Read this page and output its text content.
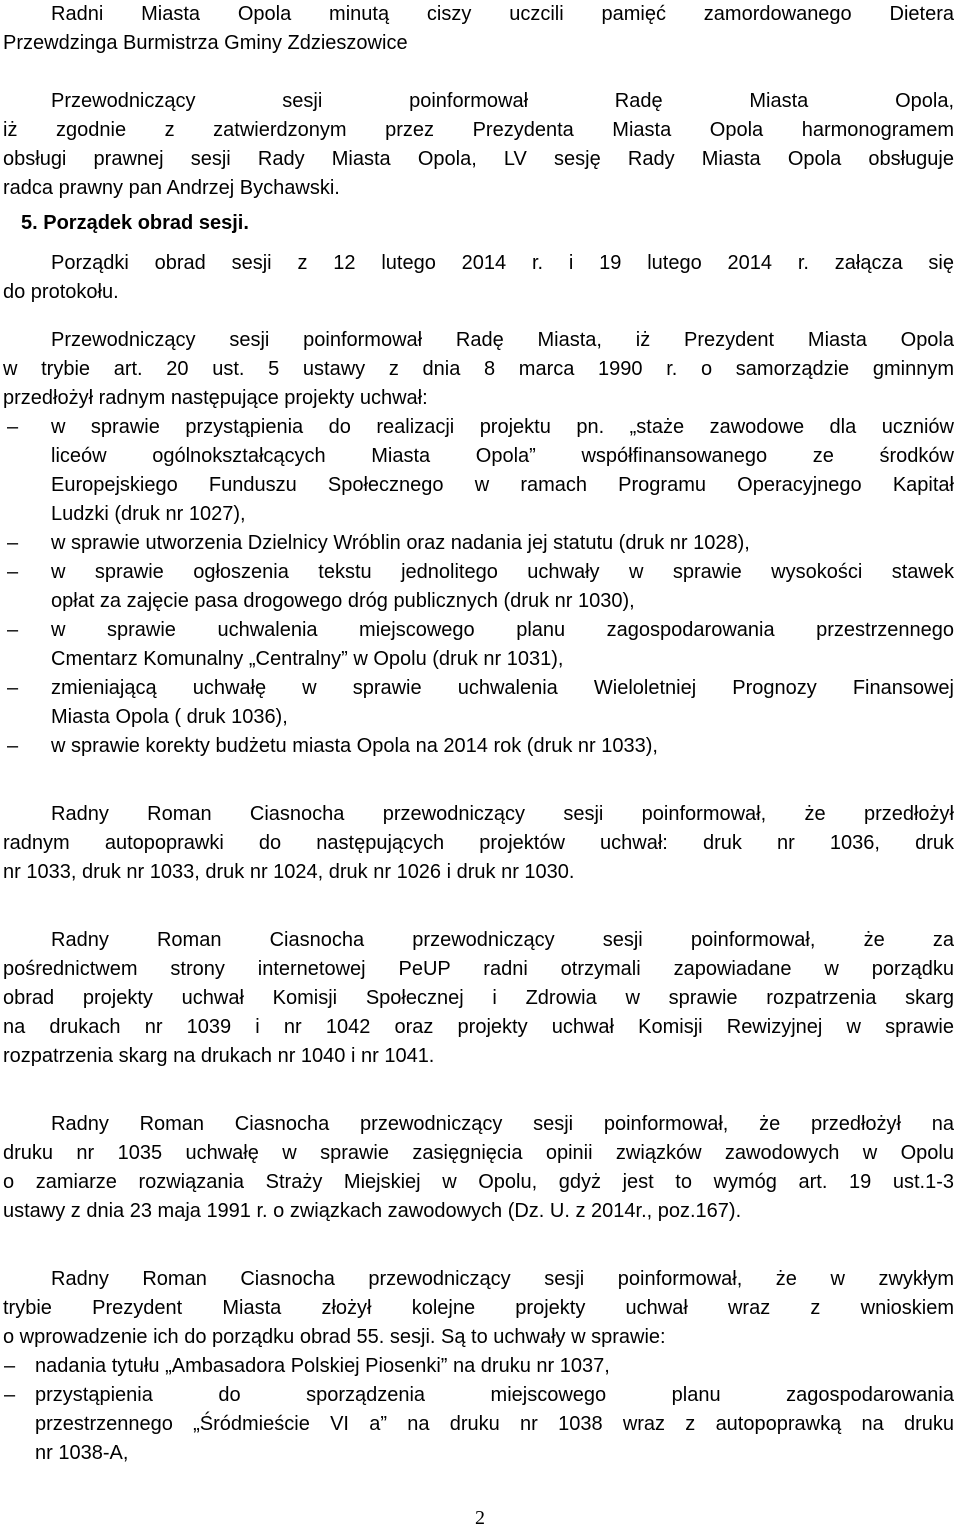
Radni Miasta Opola minutą ciszy uczcili pamięć zamordowanego Dietera

Przewdzinga Burmistrza Gminy Zdzieszowice

Przewodniczący sesji poinformował Radę Miasta Opola,

iż zgodnie z zatwierdzonym przez Prezydenta Miasta Opola harmonogramem

obsługi prawnej sesji Rady Miasta Opola, LV sesję Rady Miasta Opola obsługuje

radca prawny pan Andrzej Bychawski.

5. Porządek obrad sesji.

Porządki obrad sesji z 12 lutego 2014 r. i 19 lutego 2014 r. załącza się

do protokołu.

Przewodniczący sesji poinformował Radę Miasta, iż Prezydent Miasta Opola

w trybie art. 20 ust. 5 ustawy z dnia 8 marca 1990 r. o samorządzie gminnym

przedłożył radnym następujące projekty uchwał:

– w sprawie przystąpienia do realizacji projektu pn. „staże zawodowe dla uczniów

liceów ogólnokształcących Miasta Opola” współfinansowanego ze środków

Europejskiego Funduszu Społecznego w ramach Programu Operacyjnego Kapitał

Ludzki (druk nr 1027),

– w sprawie utworzenia Dzielnicy Wróblin oraz nadania jej statutu (druk nr 1028),

– w sprawie ogłoszenia tekstu jednolitego uchwały w sprawie wysokości stawek

opłat za zajęcie pasa drogowego dróg publicznych (druk nr 1030),

– w sprawie uchwalenia miejscowego planu zagospodarowania przestrzennego

Cmentarz Komunalny „Centralny” w Opolu (druk nr 1031),

– zmieniającą uchwałę w sprawie uchwalenia Wieloletniej Prognozy Finansowej

Miasta Opola ( druk 1036),

– w sprawie korekty budżetu miasta Opola na 2014 rok (druk nr 1033),

Radny Roman Ciasnocha przewodniczący sesji poinformował, że przedłożył

radnym autopoprawki do następujących projektów uchwał: druk nr 1036, druk

nr 1033, druk nr 1033, druk nr 1024, druk nr 1026 i druk nr 1030.

Radny Roman Ciasnocha przewodniczący sesji poinformował, że za

pośrednictwem strony internetowej PeUP radni otrzymali zapowiadane w porządku

obrad projekty uchwał Komisji Społecznej i Zdrowia w sprawie rozpatrzenia skarg

na drukach nr 1039 i nr 1042 oraz projekty uchwał Komisji Rewizyjnej w sprawie

rozpatrzenia skarg na drukach nr 1040 i nr 1041.

Radny Roman Ciasnocha przewodniczący sesji poinformował, że przedłożył na

druku nr 1035 uchwałę w sprawie zasięgnięcia opinii związków zawodowych w Opolu

o zamiarze rozwiązania Straży Miejskiej w Opolu, gdyż jest to wymóg art. 19 ust.1-3

ustawy z dnia 23 maja 1991 r. o związkach zawodowych (Dz. U. z 2014r., poz.167).

Radny Roman Ciasnocha przewodniczący sesji poinformował, że w zwykłym

trybie Prezydent Miasta złożył kolejne projekty uchwał wraz z wnioskiem

o wprowadzenie ich do porządku obrad 55. sesji. Są to uchwały w sprawie:

– nadania tytułu „Ambasadora Polskiej Piosenki” na druku nr 1037,

– przystąpienia do sporządzenia miejscowego planu zagospodarowania

przestrzennego „Śródmieście VI a” na druku nr 1038 wraz z autopoprawką na druku

nr 1038-A,

2
